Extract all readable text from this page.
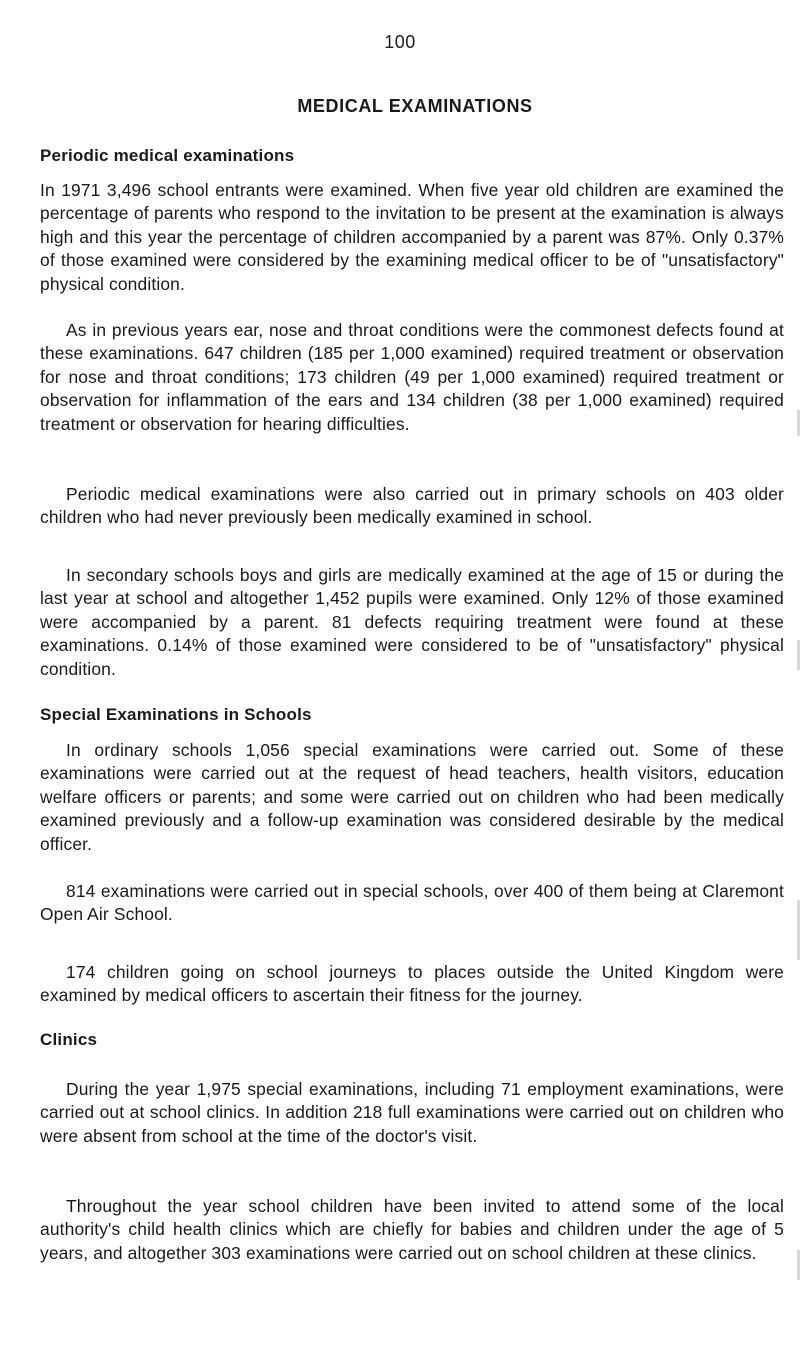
100
MEDICAL EXAMINATIONS
Periodic medical examinations
In 1971 3,496 school entrants were examined. When five year old children are examined the percentage of parents who respond to the invitation to be present at the examination is always high and this year the percentage of children accompanied by a parent was 87%. Only 0.37% of those examined were considered by the examining medical officer to be of "unsatisfactory" physical condition.
As in previous years ear, nose and throat conditions were the commonest defects found at these examinations. 647 children (185 per 1,000 examined) required treatment or observation for nose and throat conditions; 173 children (49 per 1,000 examined) required treatment or observation for inflammation of the ears and 134 children (38 per 1,000 examined) required treatment or observation for hearing difficulties.
Periodic medical examinations were also carried out in primary schools on 403 older children who had never previously been medically examined in school.
In secondary schools boys and girls are medically examined at the age of 15 or during the last year at school and altogether 1,452 pupils were examined. Only 12% of those examined were accompanied by a parent. 81 defects requiring treatment were found at these examinations. 0.14% of those examined were considered to be of "unsatisfactory" physical condition.
Special Examinations in Schools
In ordinary schools 1,056 special examinations were carried out. Some of these examinations were carried out at the request of head teachers, health visitors, education welfare officers or parents; and some were carried out on children who had been medically examined previously and a follow-up examination was considered desirable by the medical officer.
814 examinations were carried out in special schools, over 400 of them being at Claremont Open Air School.
174 children going on school journeys to places outside the United Kingdom were examined by medical officers to ascertain their fitness for the journey.
Clinics
During the year 1,975 special examinations, including 71 employment examinations, were carried out at school clinics. In addition 218 full examinations were carried out on children who were absent from school at the time of the doctor's visit.
Throughout the year school children have been invited to attend some of the local authority's child health clinics which are chiefly for babies and children under the age of 5 years, and altogether 303 examinations were carried out on school children at these clinics.
